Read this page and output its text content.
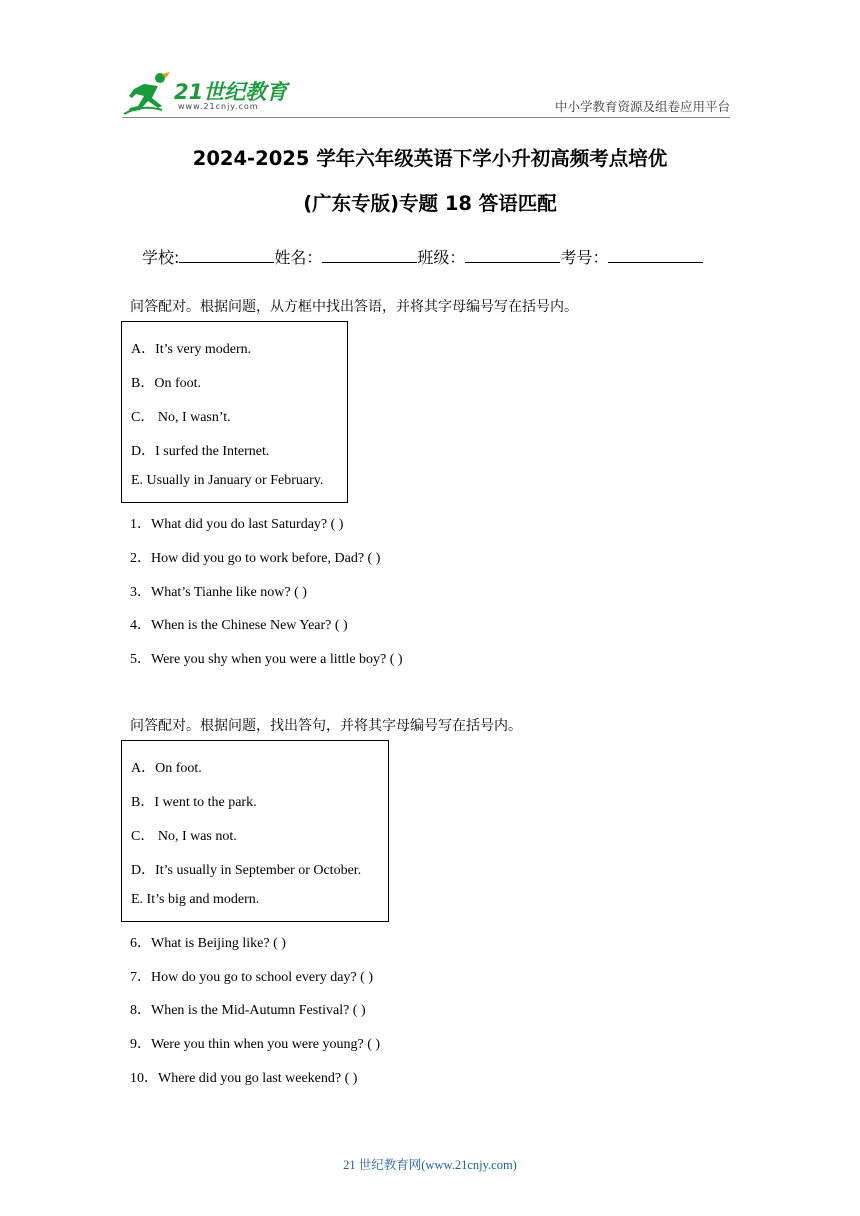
21世纪教育
www.21cnjy.com	中小学教育资源及组卷应用平台
2024-2025 学年六年级英语下学小升初高频考点培优
(广东专版)专题 18 答语匹配
学校:	姓名：	班级：	考号：
问答配对。根据问题，从方框中找出答语，并将其字母编号写在括号内。
A．It’s very modern.
B．On foot.
C． No, I wasn’t.
D．I surfed the Internet.
E. Usually in January or February.
1．What did you do last Saturday? ( )
2．How did you go to work before, Dad? ( )
3．What’s Tianhe like now? ( )
4．When is the Chinese New Year? ( )
5．Were you shy when you were a little boy? ( )
问答配对。根据问题，找出答句，并将其字母编号写在括号内。
A．On foot.
B．I went to the park.
C． No, I was not.
D．It’s usually in September or October.
E. It’s big and modern.
6．What is Beijing like? ( )
7．How do you go to school every day? ( )
8．When is the Mid-Autumn Festival? ( )
9．Were you thin when you were young? ( )
10．Where did you go last weekend? ( )
21 世纪教育网(www.21cnjy.com)
